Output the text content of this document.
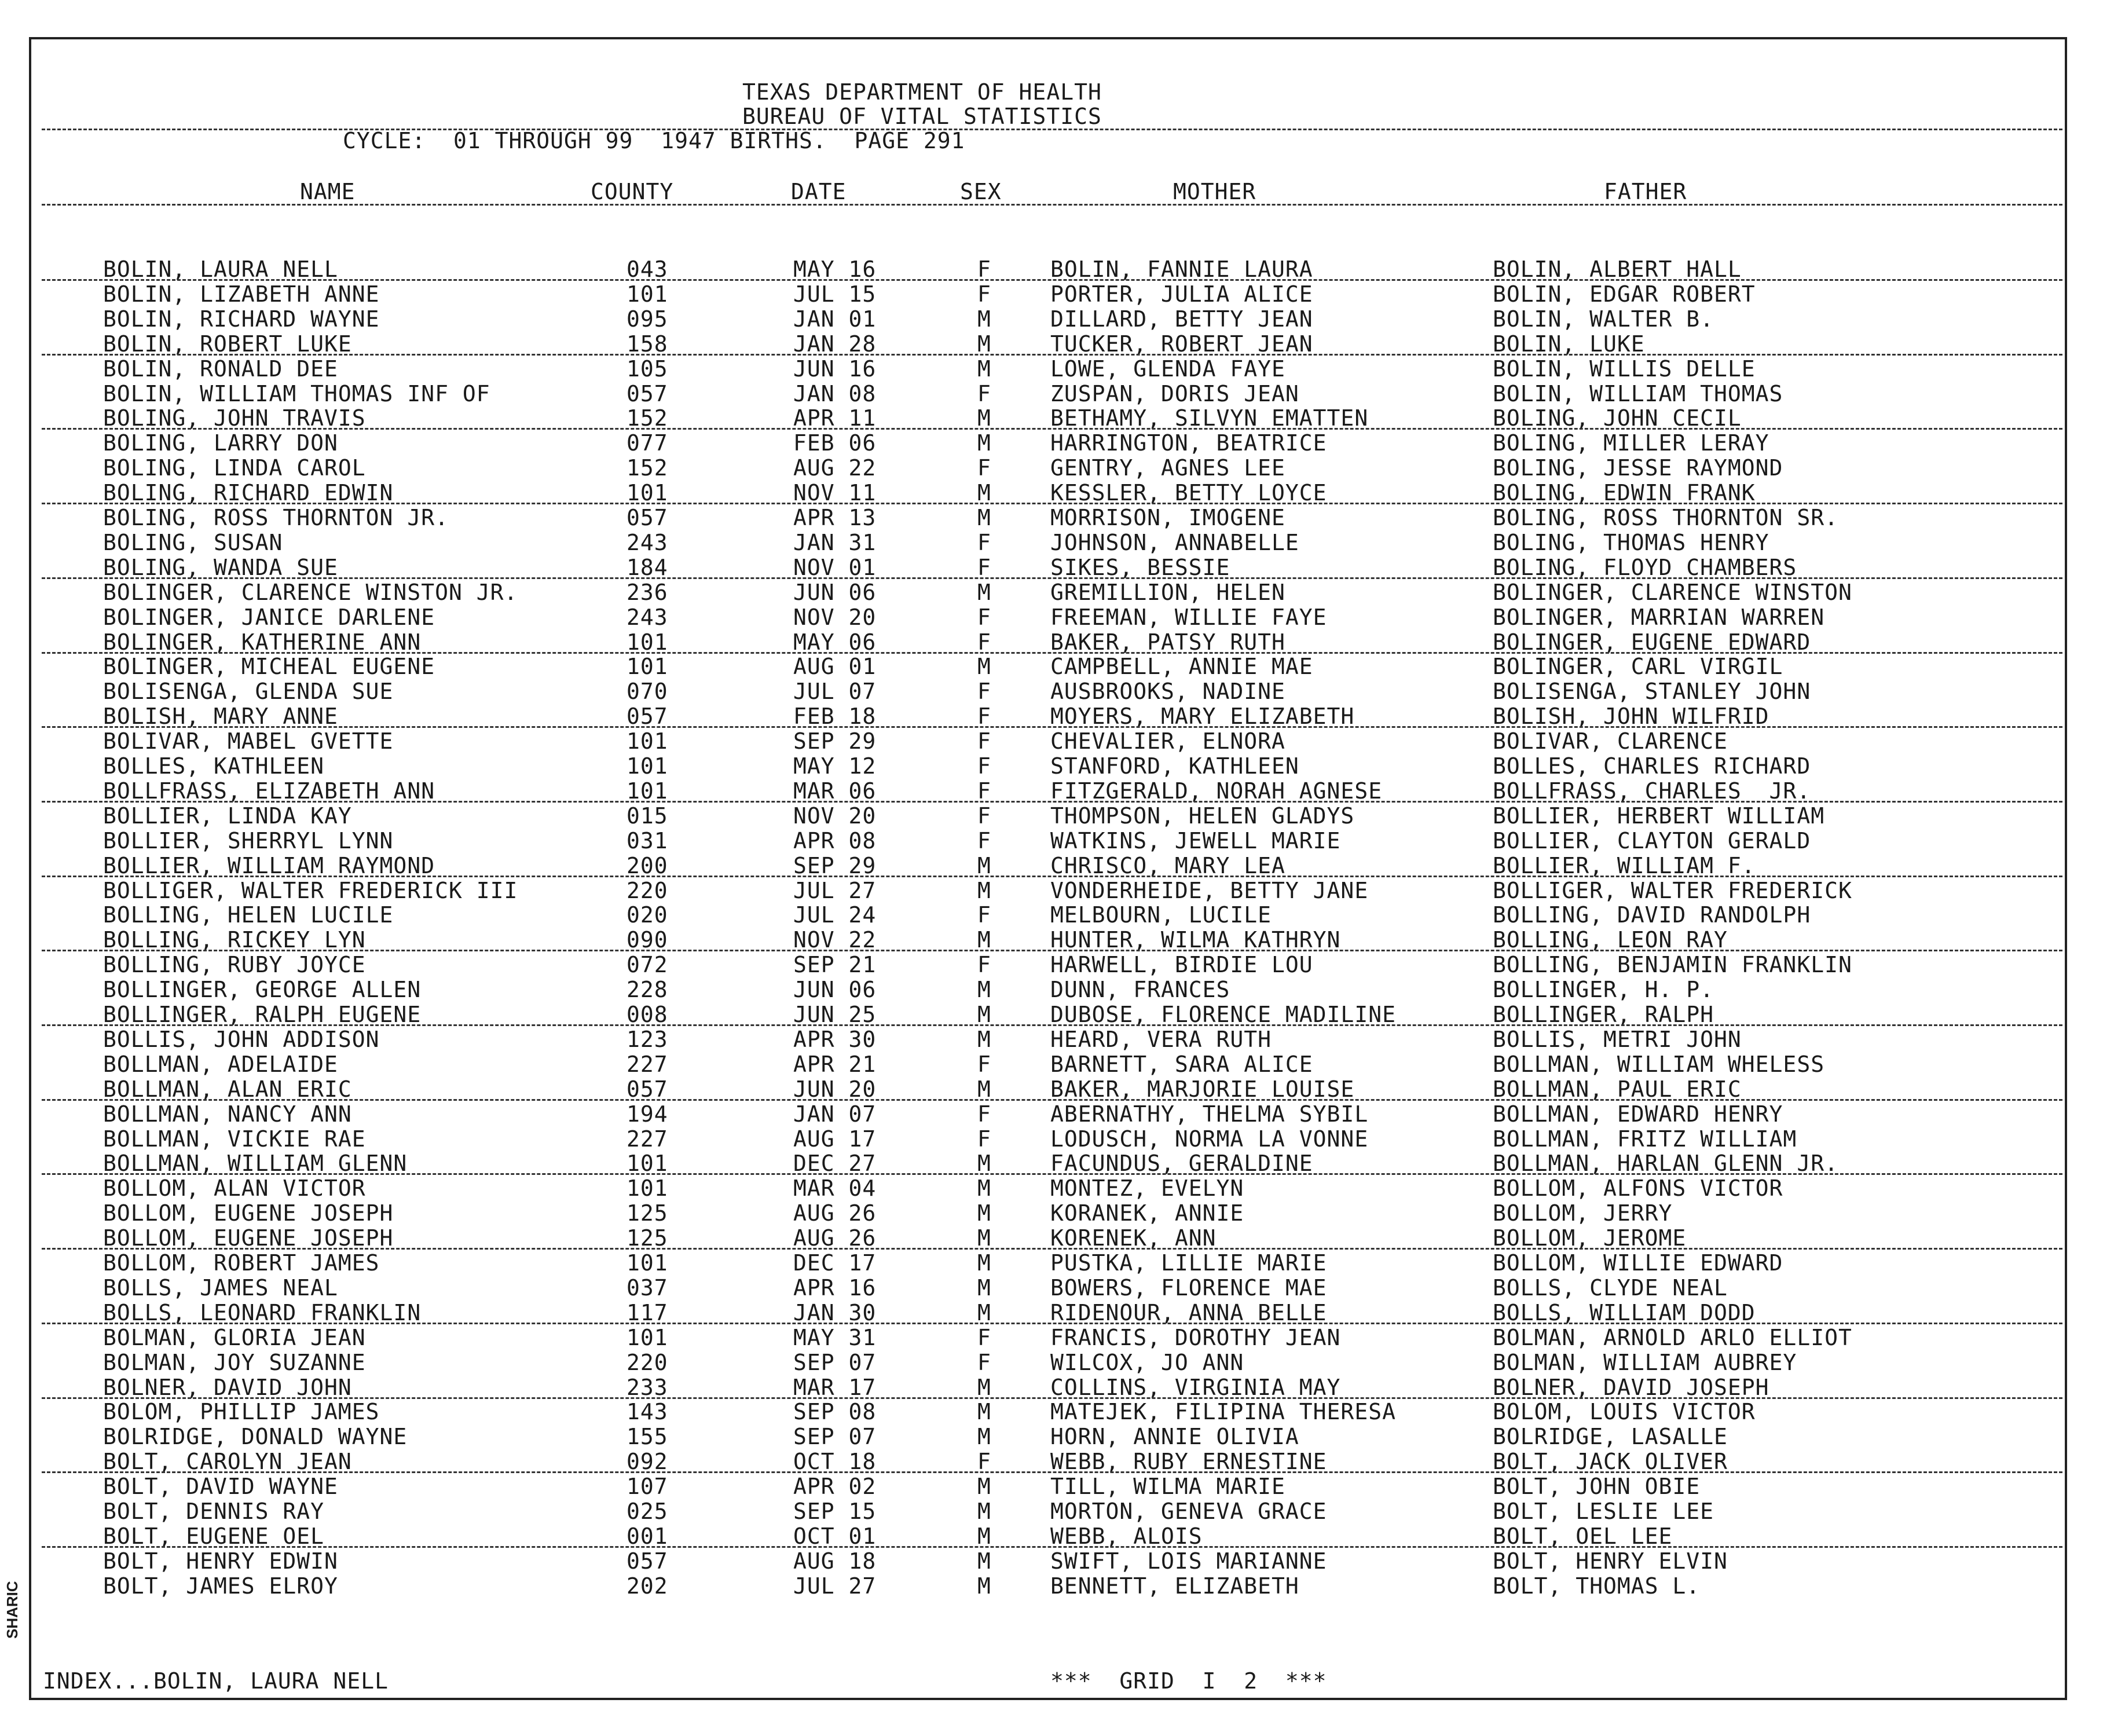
TEXAS DEPARTMENT OF HEALTH
BUREAU OF VITAL STATISTICS
CYCLE:  01 THROUGH 99  1947 BIRTHS.  PAGE 291
NAME	COUNTY	DATE	SEX	MOTHER	FATHER
BOLIN, LAURA NELL	043	MAY 16	F	BOLIN, FANNIE LAURA	BOLIN, ALBERT HALL
BOLIN, LIZABETH ANNE	101	JUL 15	F	PORTER, JULIA ALICE	BOLIN, EDGAR ROBERT
BOLIN, RICHARD WAYNE	095	JAN 01	M	DILLARD, BETTY JEAN	BOLIN, WALTER B.
BOLIN, ROBERT LUKE	158	JAN 28	M	TUCKER, ROBERT JEAN	BOLIN, LUKE
BOLIN, RONALD DEE	105	JUN 16	M	LOWE, GLENDA FAYE	BOLIN, WILLIS DELLE
BOLIN, WILLIAM THOMAS INF OF	057	JAN 08	F	ZUSPAN, DORIS JEAN	BOLIN, WILLIAM THOMAS
BOLING, JOHN TRAVIS	152	APR 11	M	BETHAMY, SILVYN EMATTEN	BOLING, JOHN CECIL
BOLING, LARRY DON	077	FEB 06	M	HARRINGTON, BEATRICE	BOLING, MILLER LERAY
BOLING, LINDA CAROL	152	AUG 22	F	GENTRY, AGNES LEE	BOLING, JESSE RAYMOND
BOLING, RICHARD EDWIN	101	NOV 11	M	KESSLER, BETTY LOYCE	BOLING, EDWIN FRANK
BOLING, ROSS THORNTON JR.	057	APR 13	M	MORRISON, IMOGENE	BOLING, ROSS THORNTON SR.
BOLING, SUSAN	243	JAN 31	F	JOHNSON, ANNABELLE	BOLING, THOMAS HENRY
BOLING, WANDA SUE	184	NOV 01	F	SIKES, BESSIE	BOLING, FLOYD CHAMBERS
BOLINGER, CLARENCE WINSTON JR.	236	JUN 06	M	GREMILLION, HELEN	BOLINGER, CLARENCE WINSTON
BOLINGER, JANICE DARLENE	243	NOV 20	F	FREEMAN, WILLIE FAYE	BOLINGER, MARRIAN WARREN
BOLINGER, KATHERINE ANN	101	MAY 06	F	BAKER, PATSY RUTH	BOLINGER, EUGENE EDWARD
BOLINGER, MICHEAL EUGENE	101	AUG 01	M	CAMPBELL, ANNIE MAE	BOLINGER, CARL VIRGIL
BOLISENGA, GLENDA SUE	070	JUL 07	F	AUSBROOKS, NADINE	BOLISENGA, STANLEY JOHN
BOLISH, MARY ANNE	057	FEB 18	F	MOYERS, MARY ELIZABETH	BOLISH, JOHN WILFRID
BOLIVAR, MABEL GVETTE	101	SEP 29	F	CHEVALIER, ELNORA	BOLIVAR, CLARENCE
BOLLES, KATHLEEN	101	MAY 12	F	STANFORD, KATHLEEN	BOLLES, CHARLES RICHARD
BOLLFRASS, ELIZABETH ANN	101	MAR 06	F	FITZGERALD, NORAH AGNESE	BOLLFRASS, CHARLES  JR.
BOLLIER, LINDA KAY	015	NOV 20	F	THOMPSON, HELEN GLADYS	BOLLIER, HERBERT WILLIAM
BOLLIER, SHERRYL LYNN	031	APR 08	F	WATKINS, JEWELL MARIE	BOLLIER, CLAYTON GERALD
BOLLIER, WILLIAM RAYMOND	200	SEP 29	M	CHRISCO, MARY LEA	BOLLIER, WILLIAM F.
BOLLIGER, WALTER FREDERICK III	220	JUL 27	M	VONDERHEIDE, BETTY JANE	BOLLIGER, WALTER FREDERICK
BOLLING, HELEN LUCILE	020	JUL 24	F	MELBOURN, LUCILE	BOLLING, DAVID RANDOLPH
BOLLING, RICKEY LYN	090	NOV 22	M	HUNTER, WILMA KATHRYN	BOLLING, LEON RAY
BOLLING, RUBY JOYCE	072	SEP 21	F	HARWELL, BIRDIE LOU	BOLLING, BENJAMIN FRANKLIN
BOLLINGER, GEORGE ALLEN	228	JUN 06	M	DUNN, FRANCES	BOLLINGER, H. P.
BOLLINGER, RALPH EUGENE	008	JUN 25	M	DUBOSE, FLORENCE MADILINE	BOLLINGER, RALPH
BOLLIS, JOHN ADDISON	123	APR 30	M	HEARD, VERA RUTH	BOLLIS, METRI JOHN
BOLLMAN, ADELAIDE	227	APR 21	F	BARNETT, SARA ALICE	BOLLMAN, WILLIAM WHELESS
BOLLMAN, ALAN ERIC	057	JUN 20	M	BAKER, MARJORIE LOUISE	BOLLMAN, PAUL ERIC
BOLLMAN, NANCY ANN	194	JAN 07	F	ABERNATHY, THELMA SYBIL	BOLLMAN, EDWARD HENRY
BOLLMAN, VICKIE RAE	227	AUG 17	F	LODUSCH, NORMA LA VONNE	BOLLMAN, FRITZ WILLIAM
BOLLMAN, WILLIAM GLENN	101	DEC 27	M	FACUNDUS, GERALDINE	BOLLMAN, HARLAN GLENN JR.
BOLLOM, ALAN VICTOR	101	MAR 04	M	MONTEZ, EVELYN	BOLLOM, ALFONS VICTOR
BOLLOM, EUGENE JOSEPH	125	AUG 26	M	KORANEK, ANNIE	BOLLOM, JERRY
BOLLOM, EUGENE JOSEPH	125	AUG 26	M	KORENEK, ANN	BOLLOM, JEROME
BOLLOM, ROBERT JAMES	101	DEC 17	M	PUSTKA, LILLIE MARIE	BOLLOM, WILLIE EDWARD
BOLLS, JAMES NEAL	037	APR 16	M	BOWERS, FLORENCE MAE	BOLLS, CLYDE NEAL
BOLLS, LEONARD FRANKLIN	117	JAN 30	M	RIDENOUR, ANNA BELLE	BOLLS, WILLIAM DODD
BOLMAN, GLORIA JEAN	101	MAY 31	F	FRANCIS, DOROTHY JEAN	BOLMAN, ARNOLD ARLO ELLIOT
BOLMAN, JOY SUZANNE	220	SEP 07	F	WILCOX, JO ANN	BOLMAN, WILLIAM AUBREY
BOLNER, DAVID JOHN	233	MAR 17	M	COLLINS, VIRGINIA MAY	BOLNER, DAVID JOSEPH
BOLOM, PHILLIP JAMES	143	SEP 08	M	MATEJEK, FILIPINA THERESA	BOLOM, LOUIS VICTOR
BOLRIDGE, DONALD WAYNE	155	SEP 07	M	HORN, ANNIE OLIVIA	BOLRIDGE, LASALLE
BOLT, CAROLYN JEAN	092	OCT 18	F	WEBB, RUBY ERNESTINE	BOLT, JACK OLIVER
BOLT, DAVID WAYNE	107	APR 02	M	TILL, WILMA MARIE	BOLT, JOHN OBIE
BOLT, DENNIS RAY	025	SEP 15	M	MORTON, GENEVA GRACE	BOLT, LESLIE LEE
BOLT, EUGENE OEL	001	OCT 01	M	WEBB, ALOIS	BOLT, OEL LEE
BOLT, HENRY EDWIN	057	AUG 18	M	SWIFT, LOIS MARIANNE	BOLT, HENRY ELVIN
BOLT, JAMES ELROY	202	JUL 27	M	BENNETT, ELIZABETH	BOLT, THOMAS L.
INDEX...BOLIN, LAURA NELL	***  GRID  I  2  ***
SHARIC
